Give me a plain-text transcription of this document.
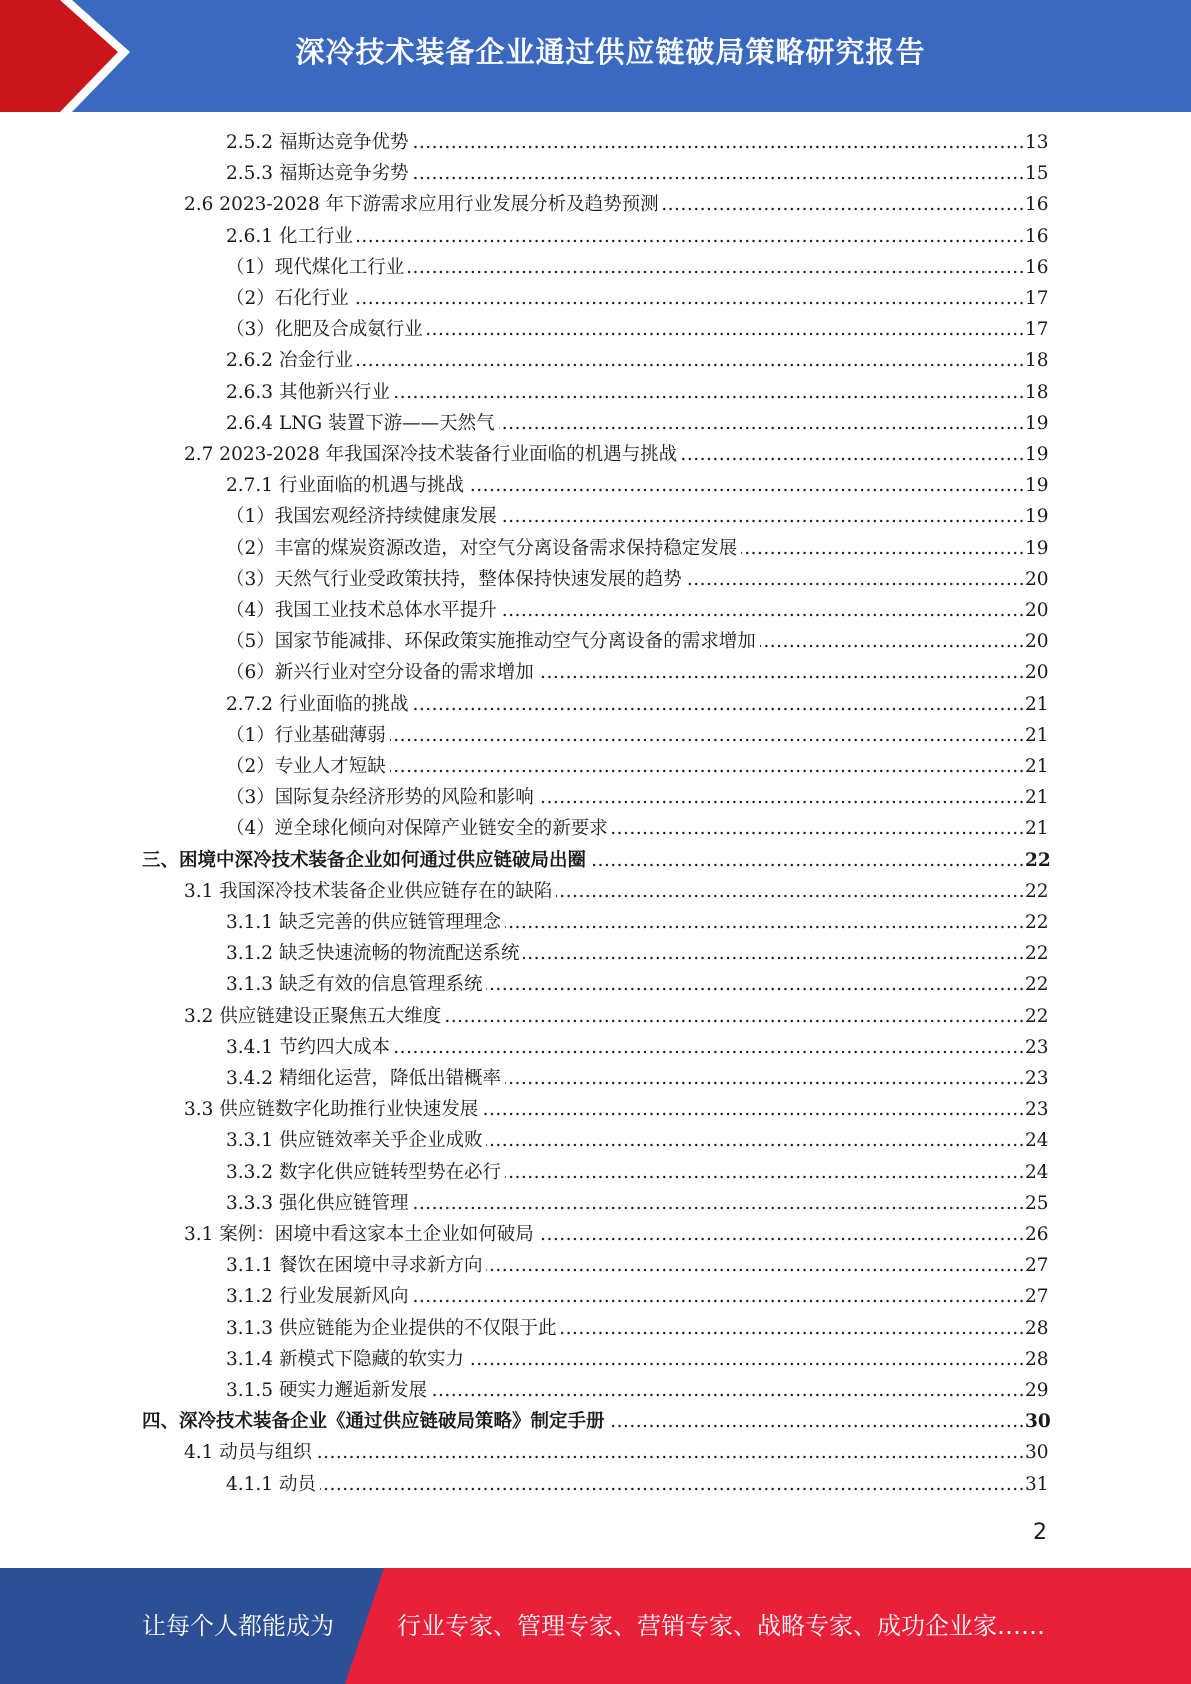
深冷技术装备企业通过供应链破局策略研究报告
.....
2.5.2 福斯达竞争优势	13
.....
2.5.3 福斯达竞争劣势	15
.....
2.6 2023-2028 年下游需求应用行业发展分析及趋势预测	16
.....
2.6.1 化工行业	16
.....
（1）现代煤化工行业	16
.....
（2）石化行业	17
.....
（3）化肥及合成氨行业	17
.....
2.6.2 冶金行业	18
.....
2.6.3 其他新兴行业	18
.....
2.6.4 LNG 装置下游——天然气	19
.....
2.7 2023-2028 年我国深冷技术装备行业面临的机遇与挑战	19
.....
2.7.1 行业面临的机遇与挑战	19
.....
（1）我国宏观经济持续健康发展	19
.....
（2）丰富的煤炭资源改造，对空气分离设备需求保持稳定发展	19
.....
（3）天然气行业受政策扶持，整体保持快速发展的趋势	20
.....
（4）我国工业技术总体水平提升	20
.....
（5）国家节能减排、环保政策实施推动空气分离设备的需求增加	20
.....
（6）新兴行业对空分设备的需求增加	20
.....
2.7.2 行业面临的挑战	21
.....
（1）行业基础薄弱	21
.....
（2）专业人才短缺	21
.....
（3）国际复杂经济形势的风险和影响	21
.....
（4）逆全球化倾向对保障产业链安全的新要求	21
.....
三、困境中深冷技术装备企业如何通过供应链破局出圈	22
.....
3.1 我国深冷技术装备企业供应链存在的缺陷	22
.....
3.1.1 缺乏完善的供应链管理理念	22
.....
3.1.2 缺乏快速流畅的物流配送系统	22
.....
3.1.3 缺乏有效的信息管理系统	22
.....
3.2 供应链建设正聚焦五大维度	22
.....
3.4.1 节约四大成本	23
.....
3.4.2 精细化运营，降低出错概率	23
.....
3.3 供应链数字化助推行业快速发展	23
.....
3.3.1 供应链效率关乎企业成败	24
.....
3.3.2 数字化供应链转型势在必行	24
.....
3.3.3 强化供应链管理	25
.....
3.1 案例：困境中看这家本土企业如何破局	26
.....
3.1.1 餐饮在困境中寻求新方向	27
.....
3.1.2 行业发展新风向	27
.....
3.1.3 供应链能为企业提供的不仅限于此	28
.....
3.1.4 新模式下隐藏的软实力	28
.....
3.1.5 硬实力邂逅新发展	29
.....
四、深冷技术装备企业《通过供应链破局策略》制定手册	30
.....
4.1 动员与组织	30
.....
4.1.1 动员	31
2
让每个人都能成为	行业专家、管理专家、营销专家、战略专家、成功企业家……
